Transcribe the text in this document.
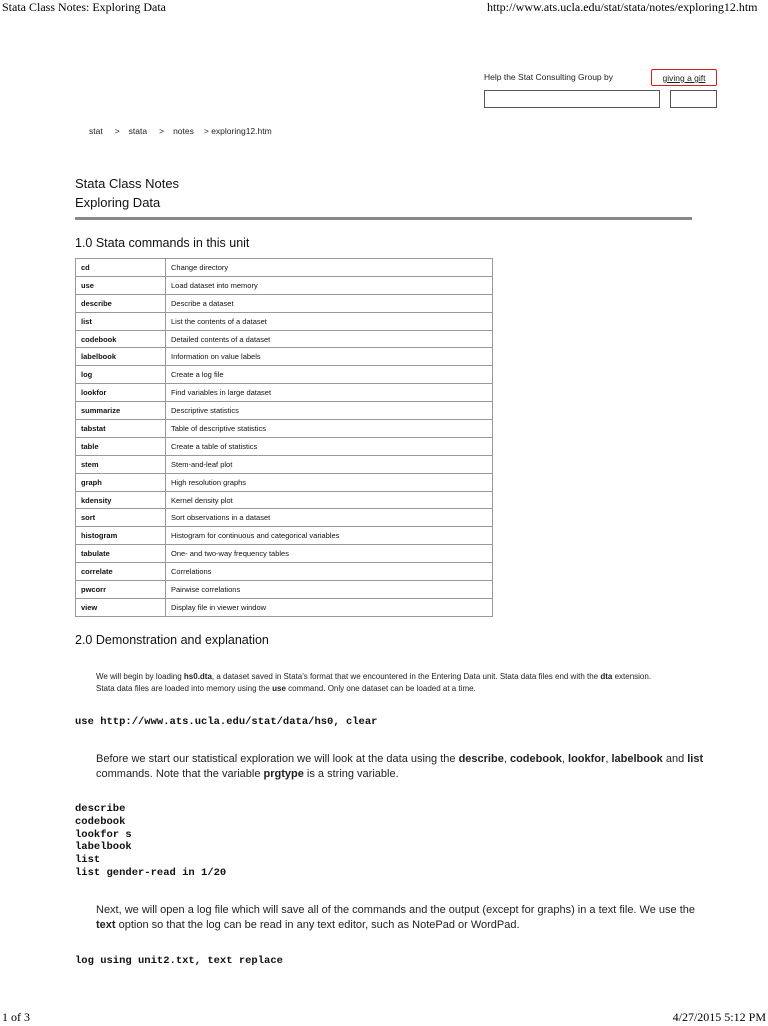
Stata Class Notes: Exploring Data	http://www.ats.ucla.edu/stat/stata/notes/exploring12.htm
Help the Stat Consulting Group by	giving a gift
stat > stata > notes > exploring12.htm
Stata Class Notes
Exploring Data
1.0 Stata commands in this unit
cd	Change directory
use	Load dataset into memory
describe	Describe a dataset
list	List the contents of a dataset
codebook	Detailed contents of a dataset
labelbook	Information on value labels
log	Create a log file
lookfor	Find variables in large dataset
summarize	Descriptive statistics
tabstat	Table of descriptive statistics
table	Create a table of statistics
stem	Stem-and-leaf plot
graph	High resolution graphs
kdensity	Kernel density plot
sort	Sort observations in a dataset
histogram	Histogram for continuous and categorical variables
tabulate	One- and two-way frequency tables
correlate	Correlations
pwcorr	Pairwise correlations
view	Display file in viewer window
2.0 Demonstration and explanation
We will begin by loading hs0.dta, a dataset saved in Stata's format that we encountered in the Entering Data unit. Stata data files end with the dta extension. Stata data files are loaded into memory using the use command. Only one dataset can be loaded at a time.
use http://www.ats.ucla.edu/stat/data/hs0, clear
Before we start our statistical exploration we will look at the data using the describe, codebook, lookfor, labelbook and list commands. Note that the variable prgtype is a string variable.
describe
codebook
lookfor s
labelbook
list
list gender-read in 1/20
Next, we will open a log file which will save all of the commands and the output (except for graphs) in a text file. We use the text option so that the log can be read in any text editor, such as NotePad or WordPad.
log using unit2.txt, text replace
1 of 3	4/27/2015 5:12 PM
